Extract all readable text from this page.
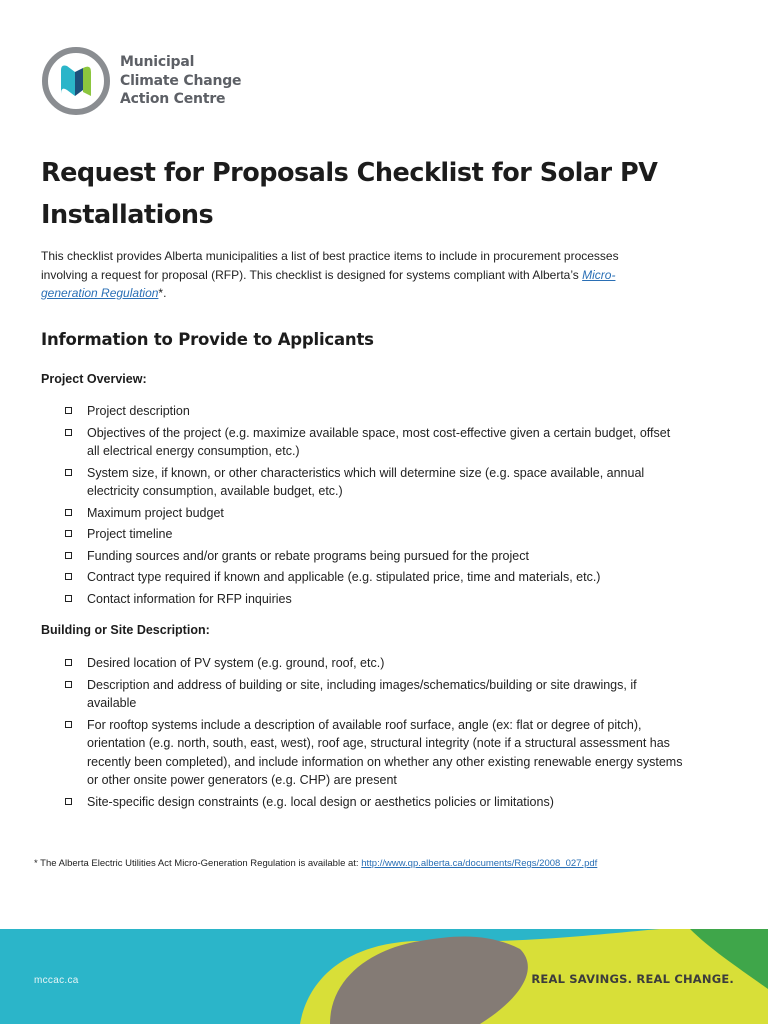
Municipal
Climate Change
Action Centre
Request for Proposals Checklist for Solar PV Installations

This checklist provides Alberta municipalities a list of best practice items to include in procurement processes involving a request for proposal (RFP). This checklist is designed for systems compliant with Alberta’s Micro-generation Regulation*.

Information to Provide to Applicants

Project Overview:

Project description
Objectives of the project (e.g. maximize available space, most cost-effective given a certain budget, offset all electrical energy consumption, etc.)
System size, if known, or other characteristics which will determine size (e.g. space available, annual electricity consumption, available budget, etc.)
Maximum project budget
Project timeline
Funding sources and/or grants or rebate programs being pursued for the project
Contract type required if known and applicable (e.g. stipulated price, time and materials, etc.)
Contact information for RFP inquiries

Building or Site Description:

Desired location of PV system (e.g. ground, roof, etc.)
Description and address of building or site, including images/schematics/building or site drawings, if available
For rooftop systems include a description of available roof surface, angle (ex: flat or degree of pitch), orientation (e.g. north, south, east, west), roof age, structural integrity (note if a structural assessment has recently been completed), and include information on whether any other existing renewable energy systems or other onsite power generators (e.g. CHP) are present
Site-specific design constraints (e.g. local design or aesthetics policies or limitations)

* The Alberta Electric Utilities Act Micro-Generation Regulation is available at: http://www.qp.alberta.ca/documents/Regs/2008_027.pdf

mccac.ca	REAL SAVINGS. REAL CHANGE.
